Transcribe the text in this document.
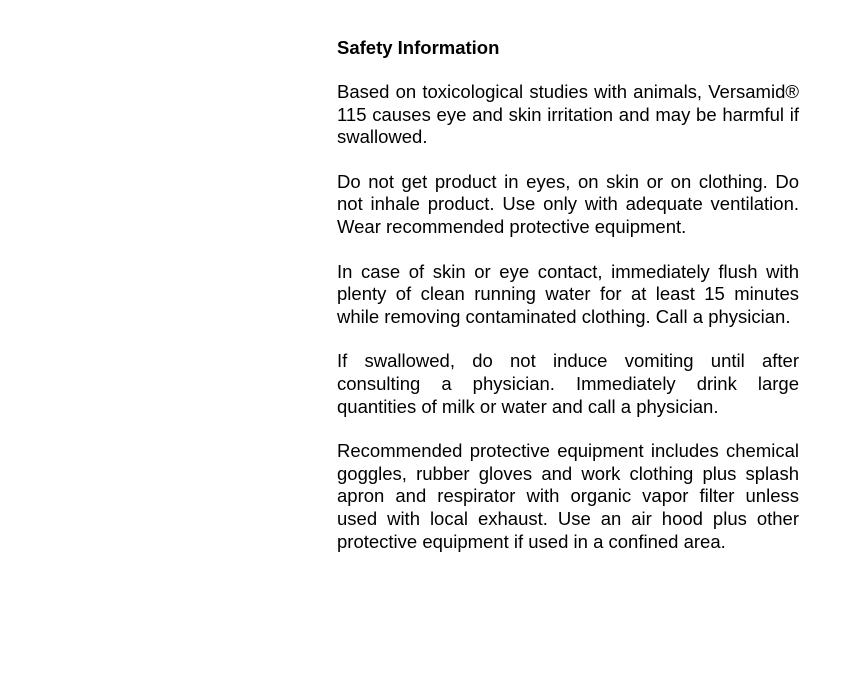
Safety Information

Based on toxicological studies with animals, Versamid® 115 causes eye and skin irritation and may be harmful if swallowed.

Do not get product in eyes, on skin or on clothing. Do not inhale product. Use only with adequate ventilation. Wear recommended protective equipment.

In case of skin or eye contact, immediately flush with plenty of clean running water for at least 15 minutes while removing contaminated clothing. Call a physician.

If swallowed, do not induce vomiting until after consulting a physician. Immediately drink large quantities of milk or water and call a physician.

Recommended protective equipment includes chemical goggles, rubber gloves and work clothing plus splash apron and respirator with organic vapor filter unless used with local exhaust. Use an air hood plus other protective equipment if used in a confined area.
